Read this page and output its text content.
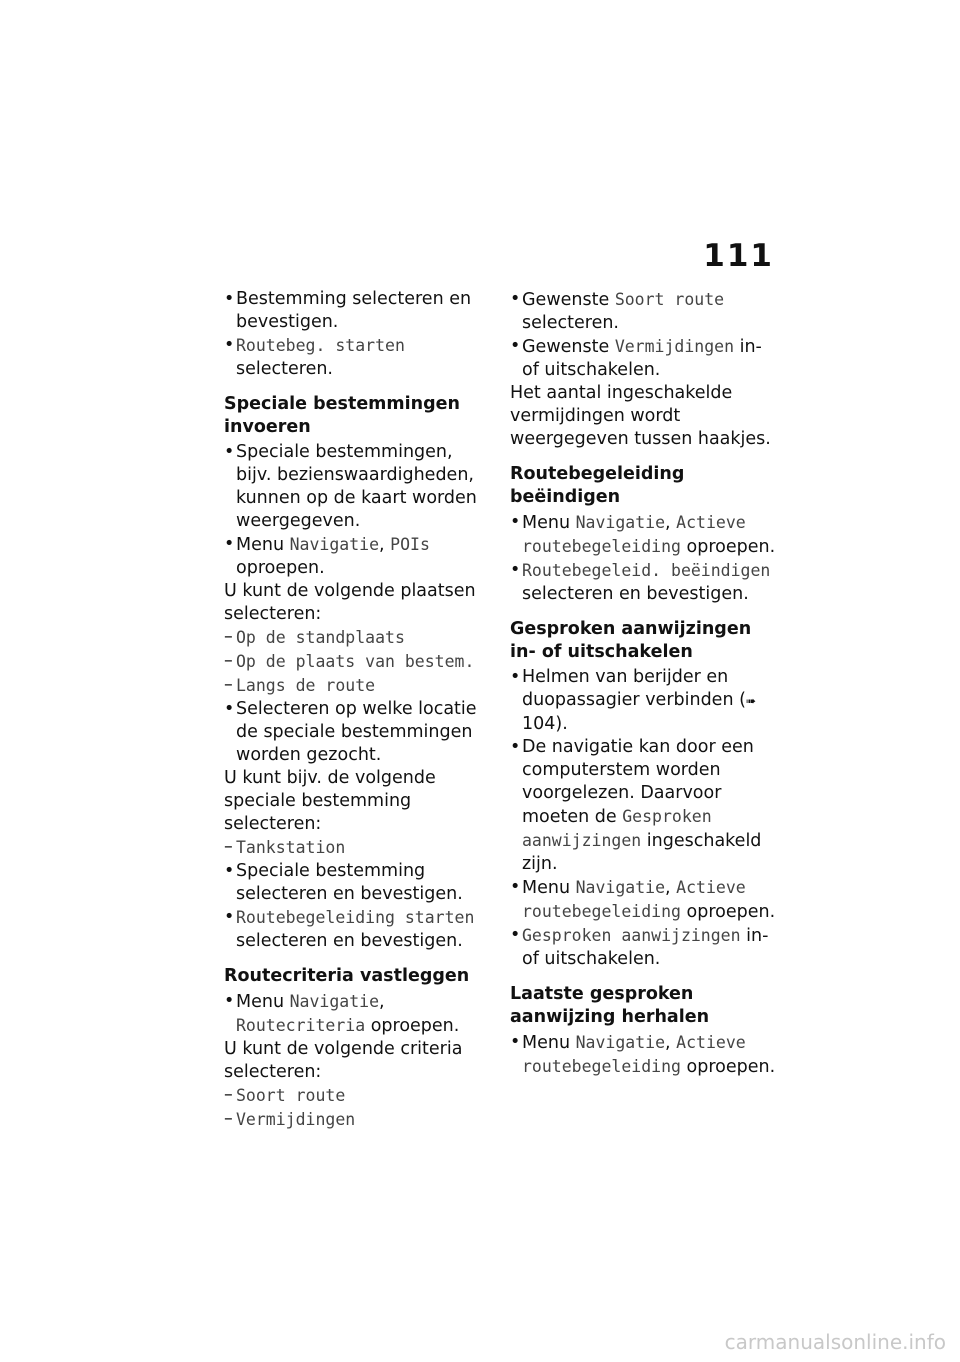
111

• Bestemming selecteren en bevestigen.

• Routebeg. starten selecteren.

Speciale bestemmingen invoeren

• Speciale bestemmingen, bijv. bezienswaardigheden, kunnen op de kaart worden weergegeven.

• Menu Navigatie, POIs oproepen.

U kunt de volgende plaatsen selecteren:

– Op de standplaats

– Op de plaats van bestem.

– Langs de route

• Selecteren op welke locatie de speciale bestemmingen worden gezocht.

U kunt bijv. de volgende speciale bestemming selecteren:

– Tankstation

• Speciale bestemming selecteren en bevestigen.

• Routebegeleiding starten selecteren en bevestigen.

Routecriteria vastleggen

• Menu Navigatie, Routecriteria oproepen.

U kunt de volgende criteria selecteren:

– Soort route

– Vermijdingen

• Gewenste Soort route selecteren.

• Gewenste Vermijdingen in- of uitschakelen.

Het aantal ingeschakelde vermijdingen wordt weergegeven tussen haakjes.

Routebegeleiding beëindigen

• Menu Navigatie, Actieve routebegeleiding oproepen.

• Routebegeleid. beëindigen selecteren en bevestigen.

Gesproken aanwijzingen in- of uitschakelen

• Helmen van berijder en duopassagier verbinden (➠ 104).

• De navigatie kan door een computerstem worden voorgelezen. Daarvoor moeten de Gesproken aanwijzingen ingeschakeld zijn.

• Menu Navigatie, Actieve routebegeleiding oproepen.

• Gesproken aanwijzingen in- of uitschakelen.

Laatste gesproken aanwijzing herhalen

• Menu Navigatie, Actieve routebegeleiding oproepen.

carmanualsonline.info
